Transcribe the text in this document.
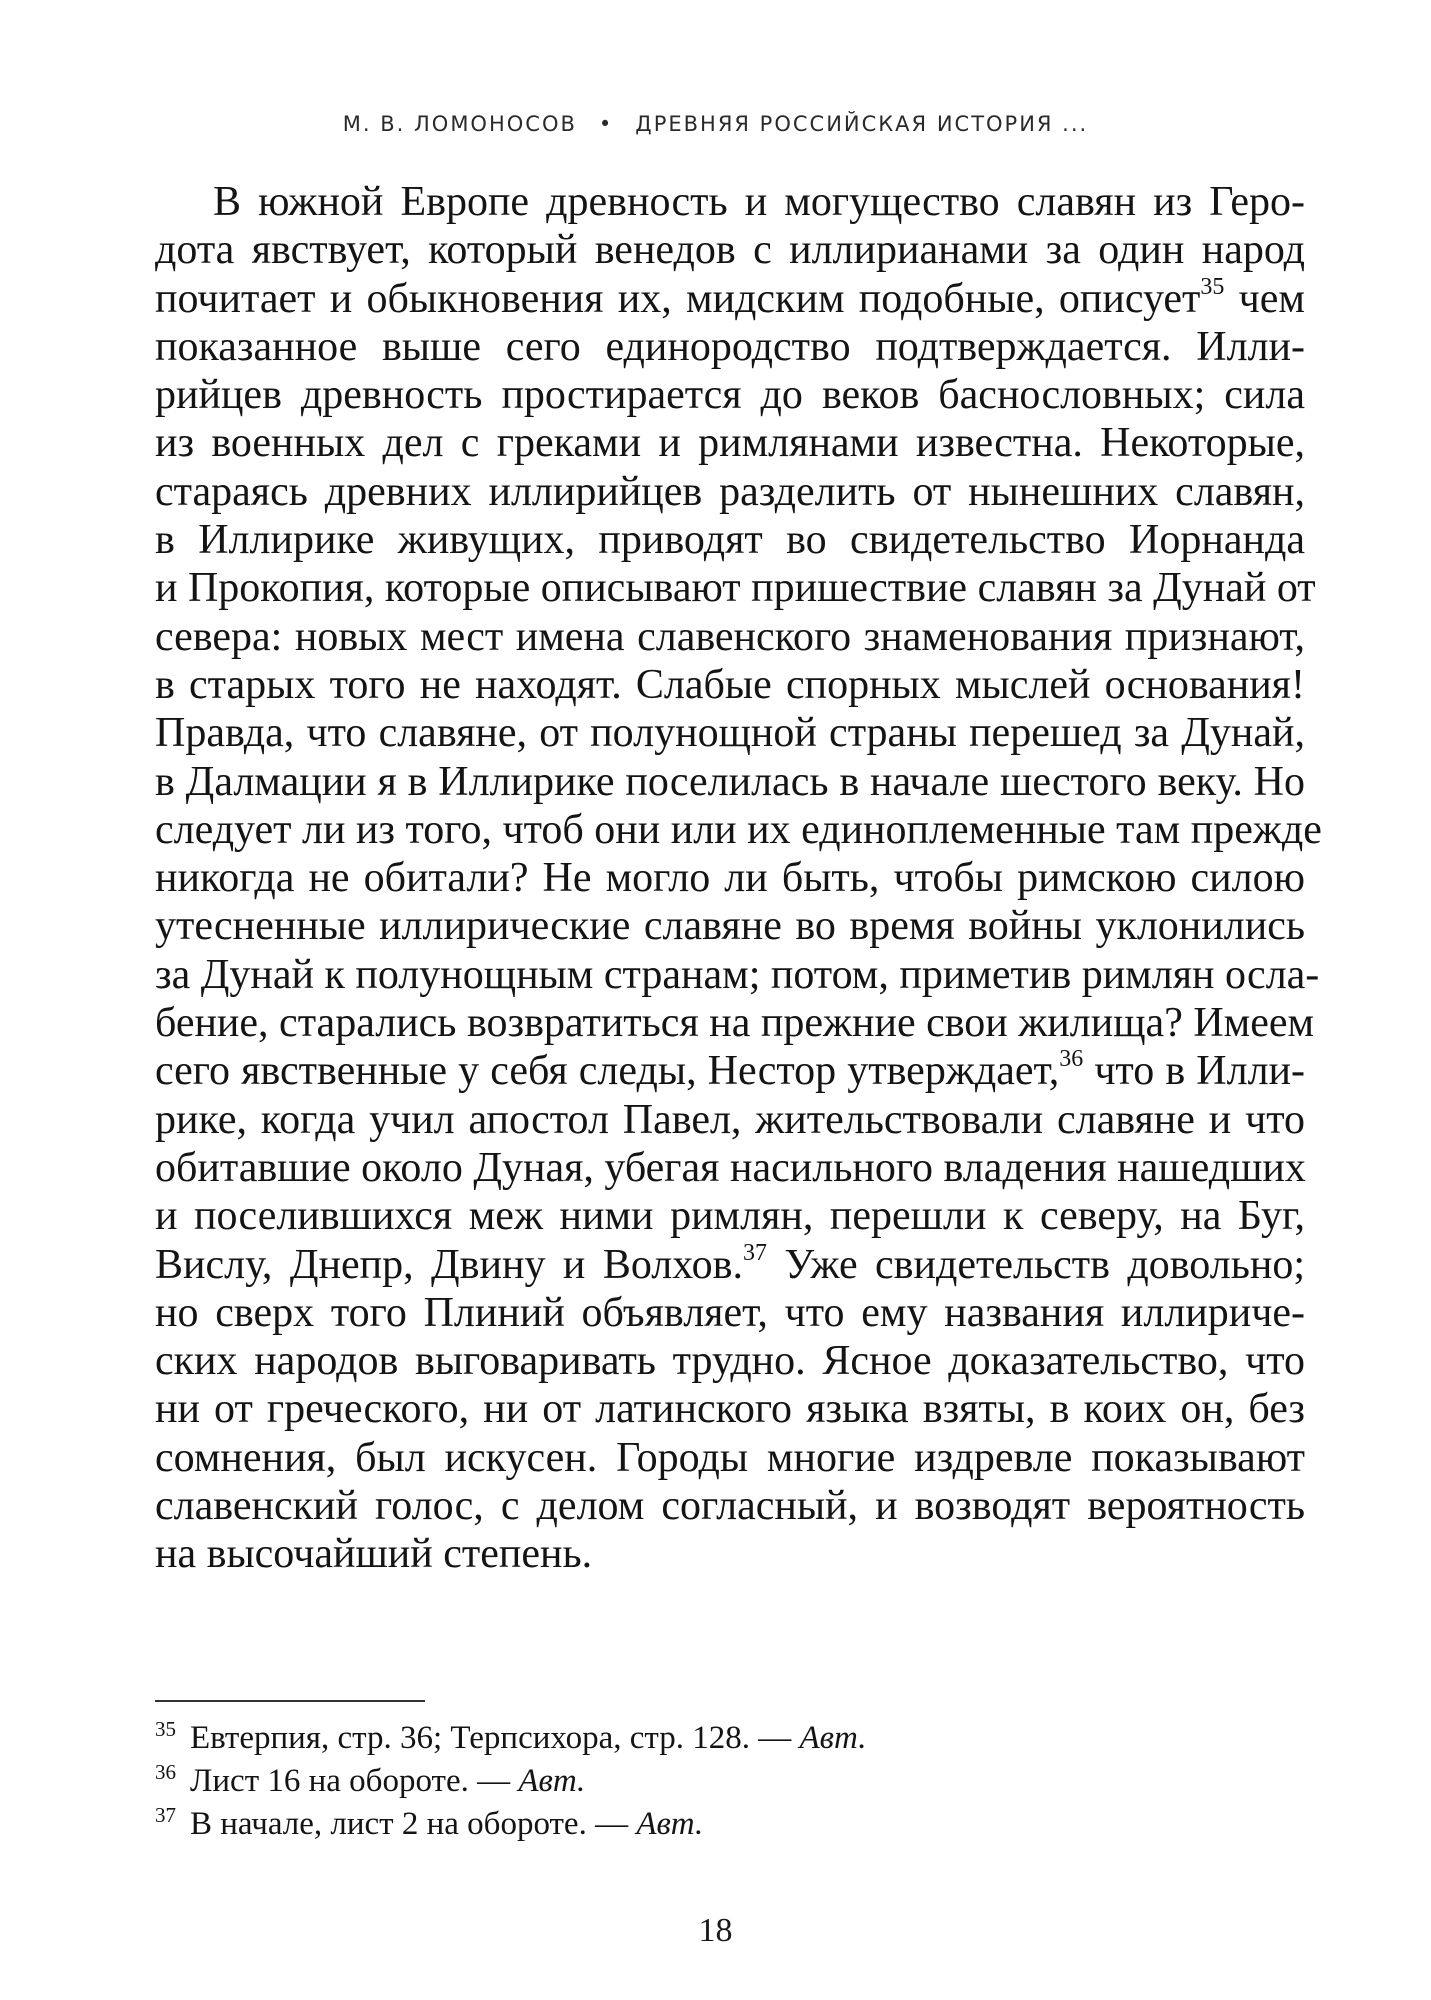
М. В. ЛОМОНОСОВ • ДРЕВНЯЯ РОССИЙСКАЯ ИСТОРИЯ ...
В южной Европе древность и могущество славян из Геро-
дота явствует, который венедов с иллирианами за один народ
почитает и обыкновения их, мидским подобные, описует$^{35}$ чем
показанное выше сего единородство подтверждается. Илли-
рийцев древность простирается до веков баснословных; сила
из военных дел с греками и римлянами известна. Некоторые,
стараясь древних иллирийцев разделить от нынешних славян,
в Иллирике живущих, приводят во свидетельство Иорнанда
и Прокопия, которые описывают пришествие славян за Дунай от
севера: новых мест имена славенского знаменования признают,
в старых того не находят. Слабые спорных мыслей основания!
Правда, что славяне, от полунощной страны перешед за Дунай,
в Далмации я в Иллирике поселилась в начале шестого веку. Но
следует ли из того, чтоб они или их единоплеменные там прежде
никогда не обитали? Не могло ли быть, чтобы римскою силою
утесненные иллирические славяне во время войны уклонились
за Дунай к полунощным странам; потом, приметив римлян осла-
бение, старались возвратиться на прежние свои жилища? Имеем
сего явственные у себя следы, Нестор утверждает,$^{36}$ что в Илли-
рике, когда учил апостол Павел, жительствовали славяне и что
обитавшие около Дуная, убегая насильного владения нашедших
и поселившихся меж ними римлян, перешли к северу, на Буг,
Вислу, Днепр, Двину и Волхов.$^{37}$ Уже свидетельств довольно;
но сверх того Плиний объявляет, что ему названия иллириче-
ских народов выговаривать трудно. Ясное доказательство, что
ни от греческого, ни от латинского языка взяты, в коих он, без
сомнения, был искусен. Городы многие издревле показывают
славенский голос, с делом согласный, и возводят вероятность
на высочайший степень.
$^{35}$ Евтерпия, стр. 36; Терпсихора, стр. 128. — Авт.
$^{36}$ Лист 16 на обороте. — Авт.
$^{37}$ В начале, лист 2 на обороте. — Авт.
18
